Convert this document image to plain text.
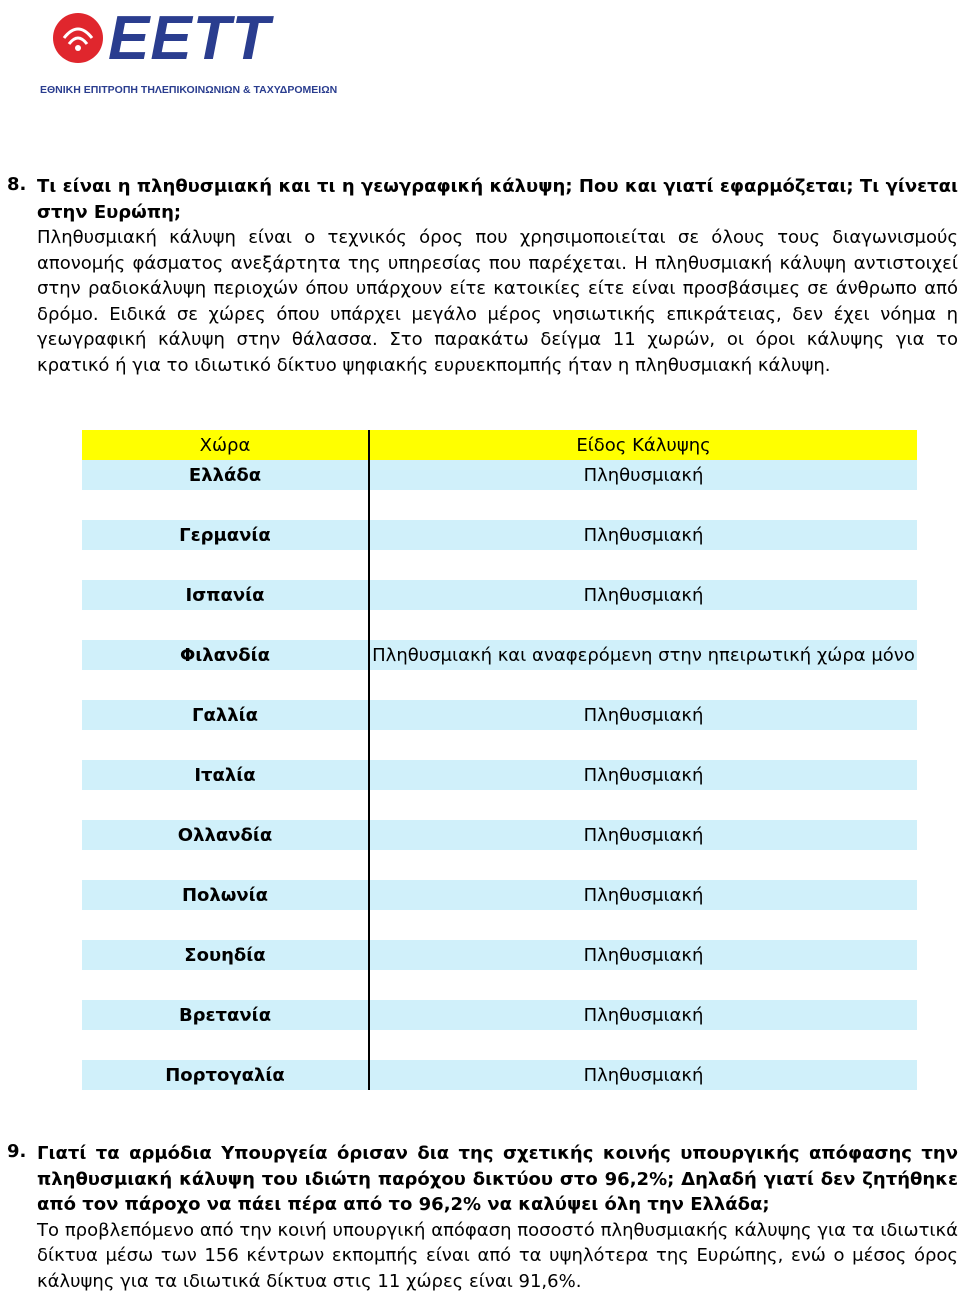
ΕΕΤΤ
ΕΘΝΙΚΗ ΕΠΙΤΡΟΠΗ ΤΗΛΕΠΙΚΟΙΝΩΝΙΩΝ & ΤΑΧΥΔΡΟΜΕΙΩΝ
8. Τι είναι η πληθυσμιακή και τι η γεωγραφική κάλυψη; Που και γιατί εφαρμόζεται; Τι γίνεται στην Ευρώπη;
Πληθυσμιακή κάλυψη είναι ο τεχνικός όρος που χρησιμοποιείται σε όλους τους διαγωνισμούς απονομής φάσματος ανεξάρτητα της υπηρεσίας που παρέχεται. Η πληθυσμιακή κάλυψη αντιστοιχεί στην ραδιοκάλυψη περιοχών όπου υπάρχουν είτε κατοικίες είτε είναι προσβάσιμες σε άνθρωπο από δρόμο. Ειδικά σε χώρες όπου υπάρχει μεγάλο μέρος νησιωτικής επικράτειας, δεν έχει νόημα η γεωγραφική κάλυψη στην θάλασσα. Στο παρακάτω δείγμα 11 χωρών, οι όροι κάλυψης για το κρατικό ή για το ιδιωτικό δίκτυο ψηφιακής ευρυεκπομπής ήταν η πληθυσμιακή κάλυψη.
Χώρα	Είδος Κάλυψης
Ελλάδα	Πληθυσμιακή

Γερμανία	Πληθυσμιακή

Ισπανία	Πληθυσμιακή

Φιλανδία	Πληθυσμιακή και αναφερόμενη στην ηπειρωτική χώρα μόνο

Γαλλία	Πληθυσμιακή

Ιταλία	Πληθυσμιακή

Ολλανδία	Πληθυσμιακή

Πολωνία	Πληθυσμιακή

Σουηδία	Πληθυσμιακή

Βρετανία	Πληθυσμιακή

Πορτογαλία	Πληθυσμιακή
9. Γιατί τα αρμόδια Υπουργεία όρισαν δια της σχετικής κοινής υπουργικής απόφασης την πληθυσμιακή κάλυψη του ιδιώτη παρόχου δικτύου στο 96,2%; Δηλαδή γιατί δεν ζητήθηκε από τον πάροχο να πάει πέρα από το 96,2% να καλύψει όλη την Ελλάδα;
Το προβλεπόμενο από την κοινή υπουργική απόφαση ποσοστό πληθυσμιακής κάλυψης για τα ιδιωτικά δίκτυα μέσω των 156 κέντρων εκπομπής είναι από τα υψηλότερα της Ευρώπης, ενώ ο μέσος όρος κάλυψης για τα ιδιωτικά δίκτυα στις 11 χώρες είναι 91,6%.
